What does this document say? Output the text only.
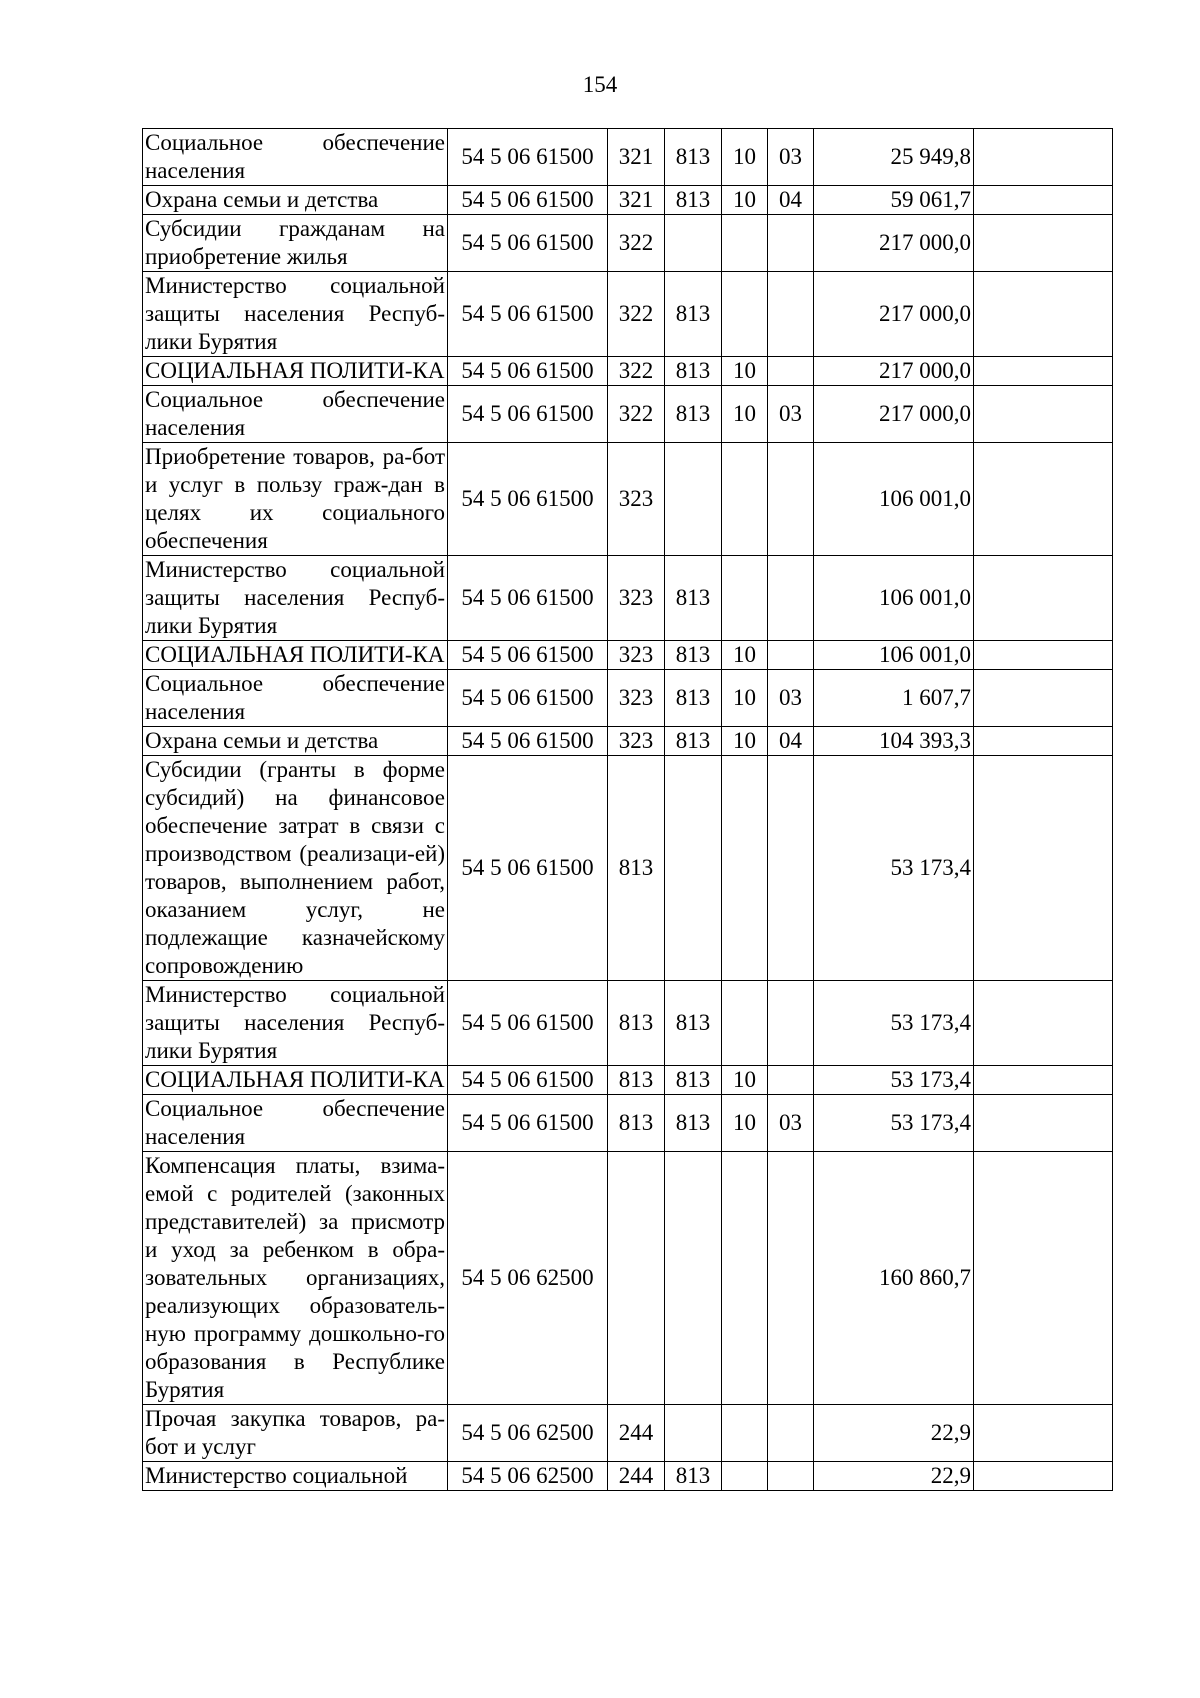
154
Социальное обеспечение населения	54 5 06 61500	321	813	10	03	25 949,8	
Охрана семьи и детства	54 5 06 61500	321	813	10	04	59 061,7	
Субсидии гражданам на приобретение жилья	54 5 06 61500	322				217 000,0	
Министерство социальной защиты населения Респуб-лики Бурятия	54 5 06 61500	322	813			217 000,0	
СОЦИАЛЬНАЯ ПОЛИТИ-КА	54 5 06 61500	322	813	10		217 000,0	
Социальное обеспечение населения	54 5 06 61500	322	813	10	03	217 000,0	
Приобретение товаров, ра-бот и услуг в пользу граж-дан в целях их социального обеспечения	54 5 06 61500	323				106 001,0	
Министерство социальной защиты населения Респуб-лики Бурятия	54 5 06 61500	323	813			106 001,0	
СОЦИАЛЬНАЯ ПОЛИТИ-КА	54 5 06 61500	323	813	10		106 001,0	
Социальное обеспечение населения	54 5 06 61500	323	813	10	03	1 607,7	
Охрана семьи и детства	54 5 06 61500	323	813	10	04	104 393,3	
Субсидии (гранты в форме субсидий) на финансовое обеспечение затрат в связи с производством (реализаци-ей) товаров, выполнением работ, оказанием услуг, не подлежащие казначейскому сопровождению	54 5 06 61500	813				53 173,4	
Министерство социальной защиты населения Респуб-лики Бурятия	54 5 06 61500	813	813			53 173,4	
СОЦИАЛЬНАЯ ПОЛИТИ-КА	54 5 06 61500	813	813	10		53 173,4	
Социальное обеспечение населения	54 5 06 61500	813	813	10	03	53 173,4	
Компенсация платы, взима-емой с родителей (законных представителей) за присмотр и уход за ребенком в обра-зовательных организациях, реализующих образователь-ную программу дошкольно-го образования в Республике Бурятия	54 5 06 62500					160 860,7	
Прочая закупка товаров, ра-бот и услуг	54 5 06 62500	244				22,9	
Министерство социальной	54 5 06 62500	244	813			22,9	
